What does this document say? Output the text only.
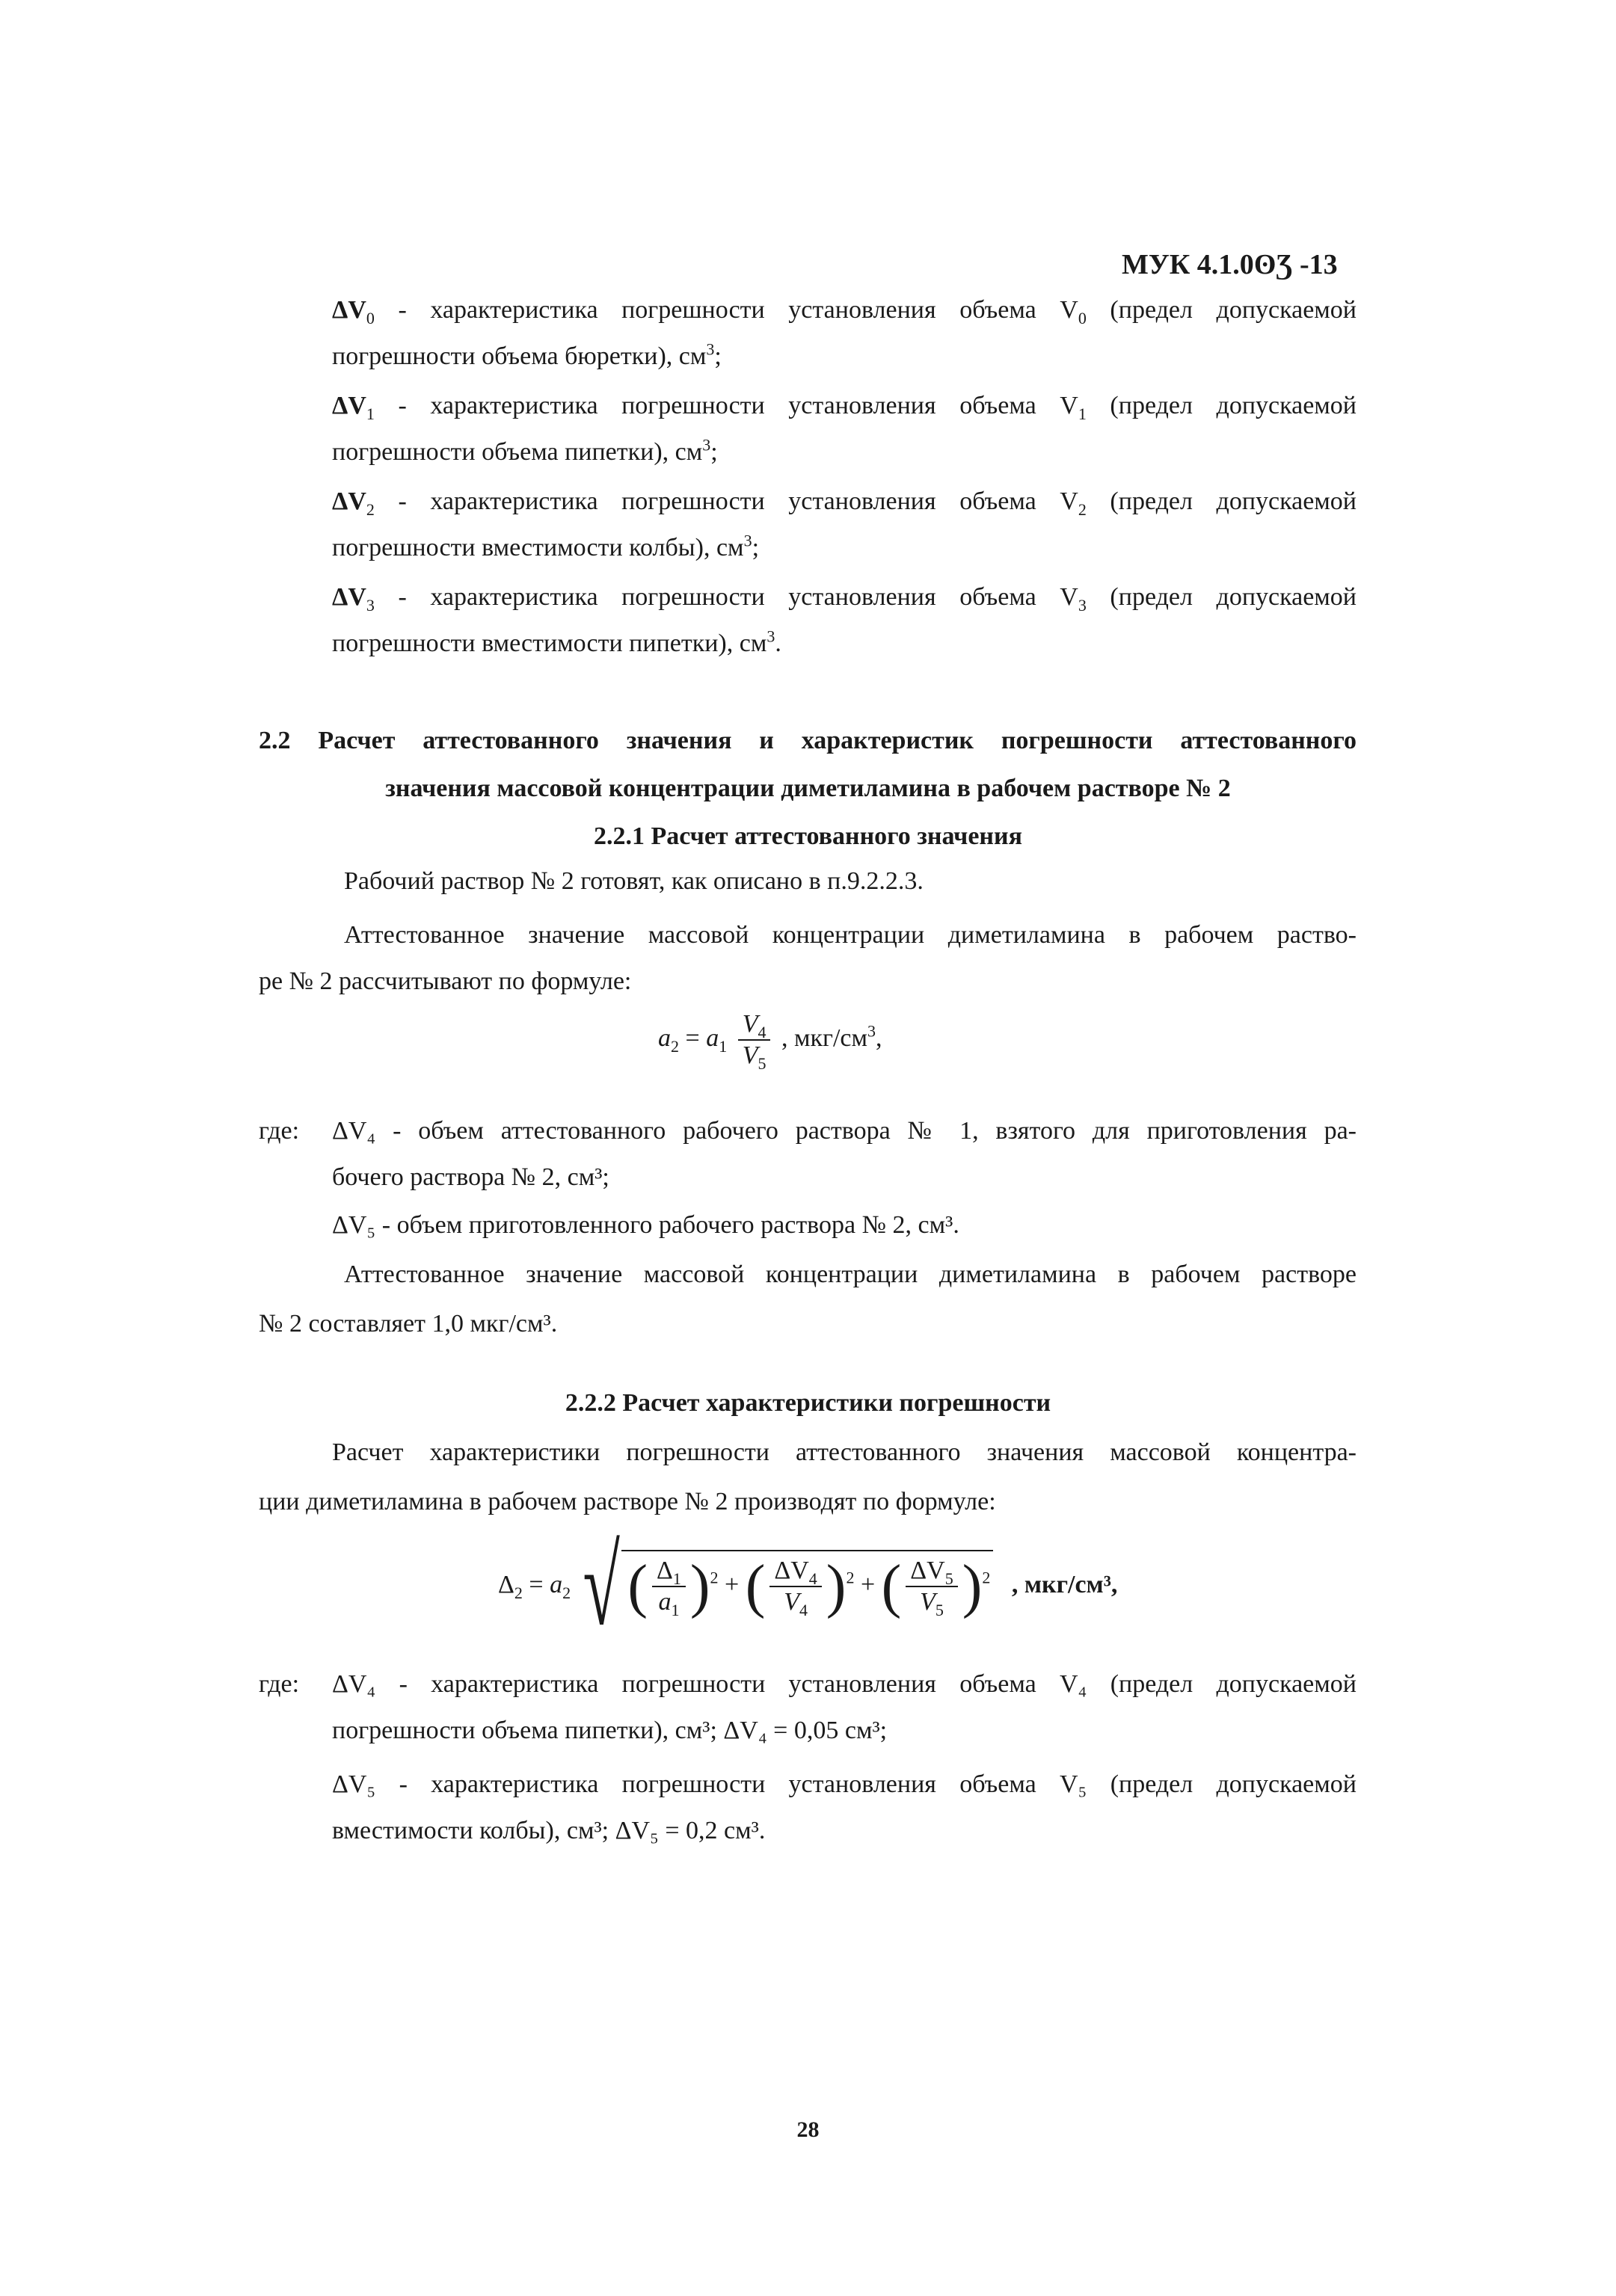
МУК 4.1.0ʘƷ -13
$\Delta V_0$ - характеристика погрешности установления объема $V_0$ (предел допускаемой
погрешности объема бюретки), $см^3$;
$\Delta V_1$ - характеристика погрешности установления объема $V_1$ (предел допускаемой
погрешности объема пипетки), $см^3$;
$\Delta V_2$ - характеристика погрешности установления объема $V_2$ (предел допускаемой
погрешности вместимости колбы), $см^3$;
$\Delta V_3$ - характеристика погрешности установления объема $V_3$ (предел допускаемой
погрешности вместимости пипетки), $см^3$.
2.2 Расчет аттестованного значения и характеристик погрешности аттестованного
значения массовой концентрации диметиламина в рабочем растворе № 2
2.2.1 Расчет аттестованного значения
Рабочий раствор № 2 готовят, как описано в п.9.2.2.3.
Аттестованное значение массовой концентрации диметиламина в рабочем раство-
ре № 2 рассчитывают по формуле:
$a_2 = a_1 \frac{V_4}{V_5}$ , мкг/$см^3$,
где: ΔV₄ - объем аттестованного рабочего раствора № 1, взятого для приготовления ра-
бочего раствора № 2, см³;
ΔV₅ - объем приготовленного рабочего раствора № 2, см³.
Аттестованное значение массовой концентрации диметиламина в рабочем растворе
№ 2 составляет 1,0 мкг/см³.
2.2.2 Расчет характеристики погрешности
Расчет характеристики погрешности аттестованного значения массовой концентра-
ции диметиламина в рабочем растворе № 2 производят по формуле:
$\Delta_2 = a_2$ √ ( $\frac{\Delta_1}{a_1} )^2$ + ( $\frac{\Delta V_4}{V_4} )^2$ + ( $\frac{\Delta V_5}{V_5} )^2$ , мкг/см³,
где: ΔV₄ - характеристика погрешности установления объема V₄ (предел допускаемой
погрешности объема пипетки), см³; ΔV₄ = 0,05 см³;
ΔV₅ - характеристика погрешности установления объема V₅ (предел допускаемой
вместимости колбы), см³; ΔV₅ = 0,2 см³.
28
